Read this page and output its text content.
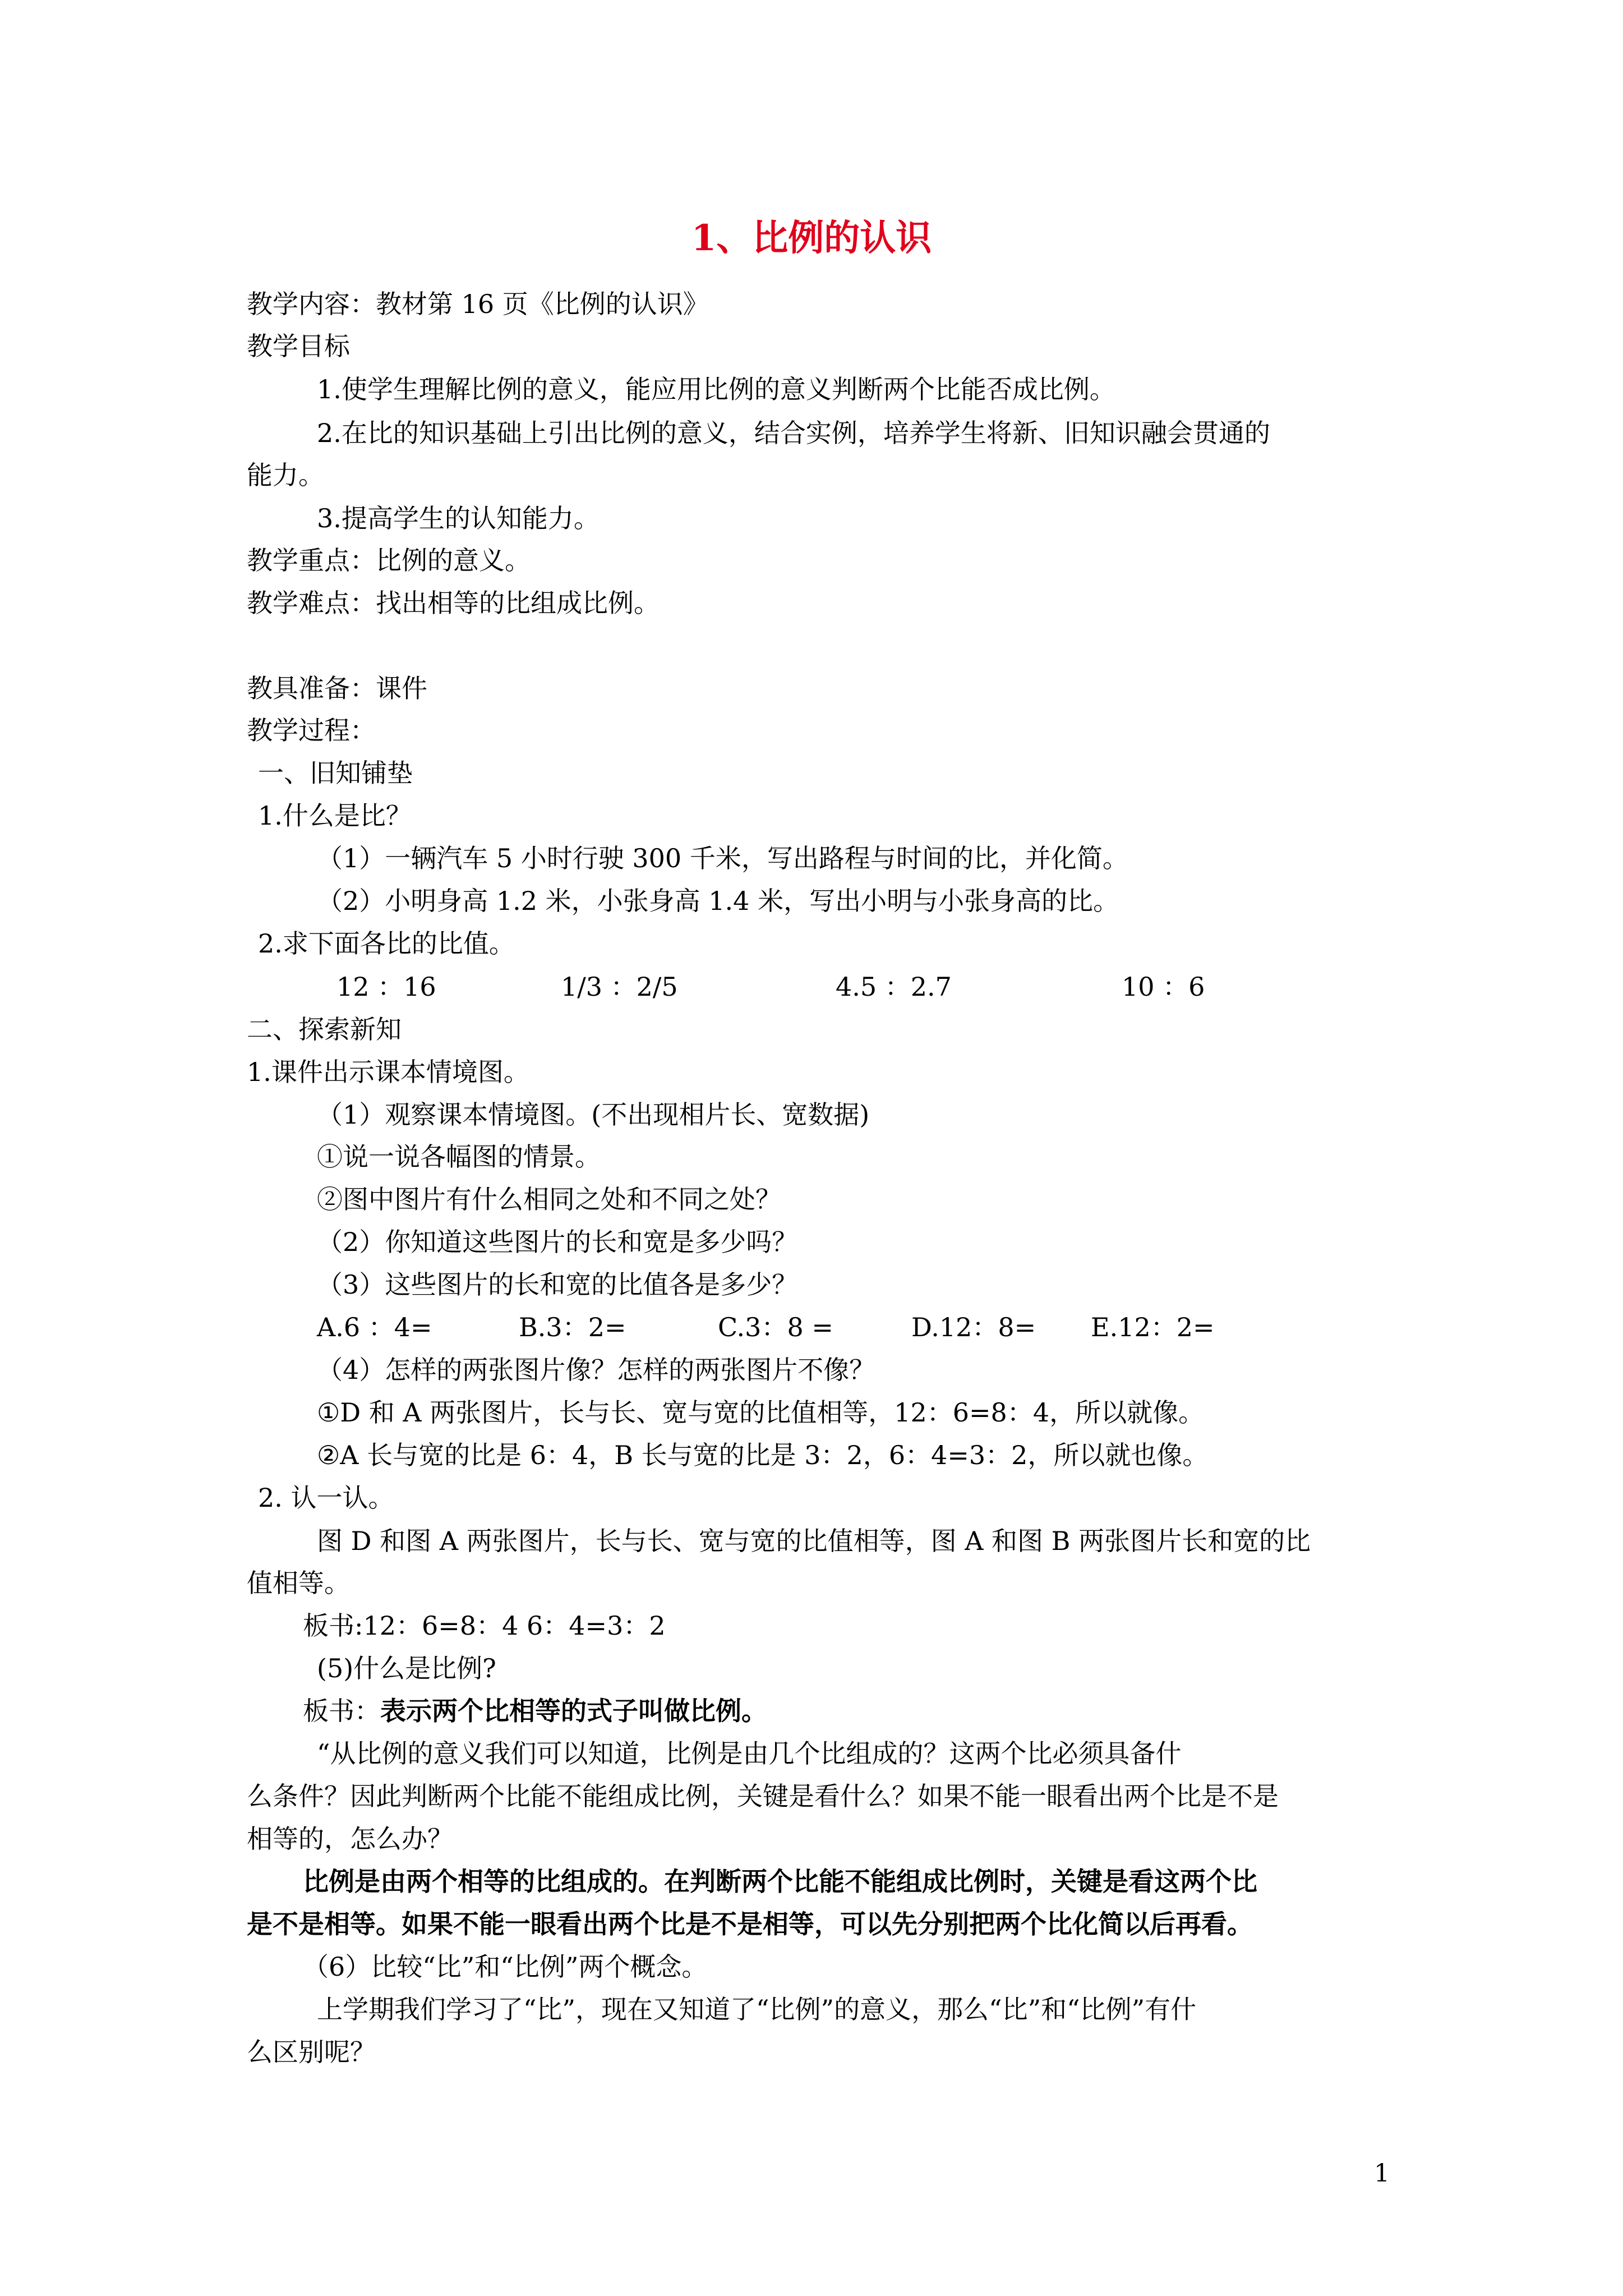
1、比例的认识
教学内容：教材第 16 页《比例的认识》
教学目标
1.使学生理解比例的意义，能应用比例的意义判断两个比能否成比例。
2.在比的知识基础上引出比例的意义，结合实例，培养学生将新、旧知识融会贯通的
能力。
3.提高学生的认知能力。
教学重点：比例的意义。
教学难点：找出相等的比组成比例。
教具准备：课件
教学过程：
一、旧知铺垫
1.什么是比？
（1）一辆汽车 5 小时行驶 300 千米，写出路程与时间的比，并化简。
（2）小明身高 1.2 米，小张身高 1.4 米，写出小明与小张身高的比。
2.求下面各比的比值。
12 ：16	1/3 ：2/5	4.5 ：2.7	10 ：6
二、探索新知
1.课件出示课本情境图。
（1）观察课本情境图。(不出现相片长、宽数据)
①说一说各幅图的情景。
②图中图片有什么相同之处和不同之处？
（2）你知道这些图片的长和宽是多少吗？
（3）这些图片的长和宽的比值各是多少？
A.6 ：4=	B.3：2=	C.3：8 =	D.12：8= E.12：2=
（4）怎样的两张图片像？怎样的两张图片不像？
①D 和 A 两张图片，长与长、宽与宽的比值相等，12：6=8：4，所以就像。
②A 长与宽的比是 6：4，B 长与宽的比是 3：2，6：4=3：2，所以就也像。
2. 认一认。
图 D 和图 A 两张图片，长与长、宽与宽的比值相等，图 A 和图 B 两张图片长和宽的比
值相等。
板书:12：6=8：4 6：4=3：2
(5)什么是比例?
板书：表示两个比相等的式子叫做比例。
“从比例的意义我们可以知道，比例是由几个比组成的？这两个比必须具备什
么条件？因此判断两个比能不能组成比例，关键是看什么？如果不能一眼看出两个比是不是
相等的，怎么办？
比例是由两个相等的比组成的。在判断两个比能不能组成比例时，关键是看这两个比
是不是相等。如果不能一眼看出两个比是不是相等，可以先分别把两个比化简以后再看。
（6）比较“比”和“比例”两个概念。
上学期我们学习了“比”，现在又知道了“比例”的意义，那么“比”和“比例”有什
么区别呢？
1
